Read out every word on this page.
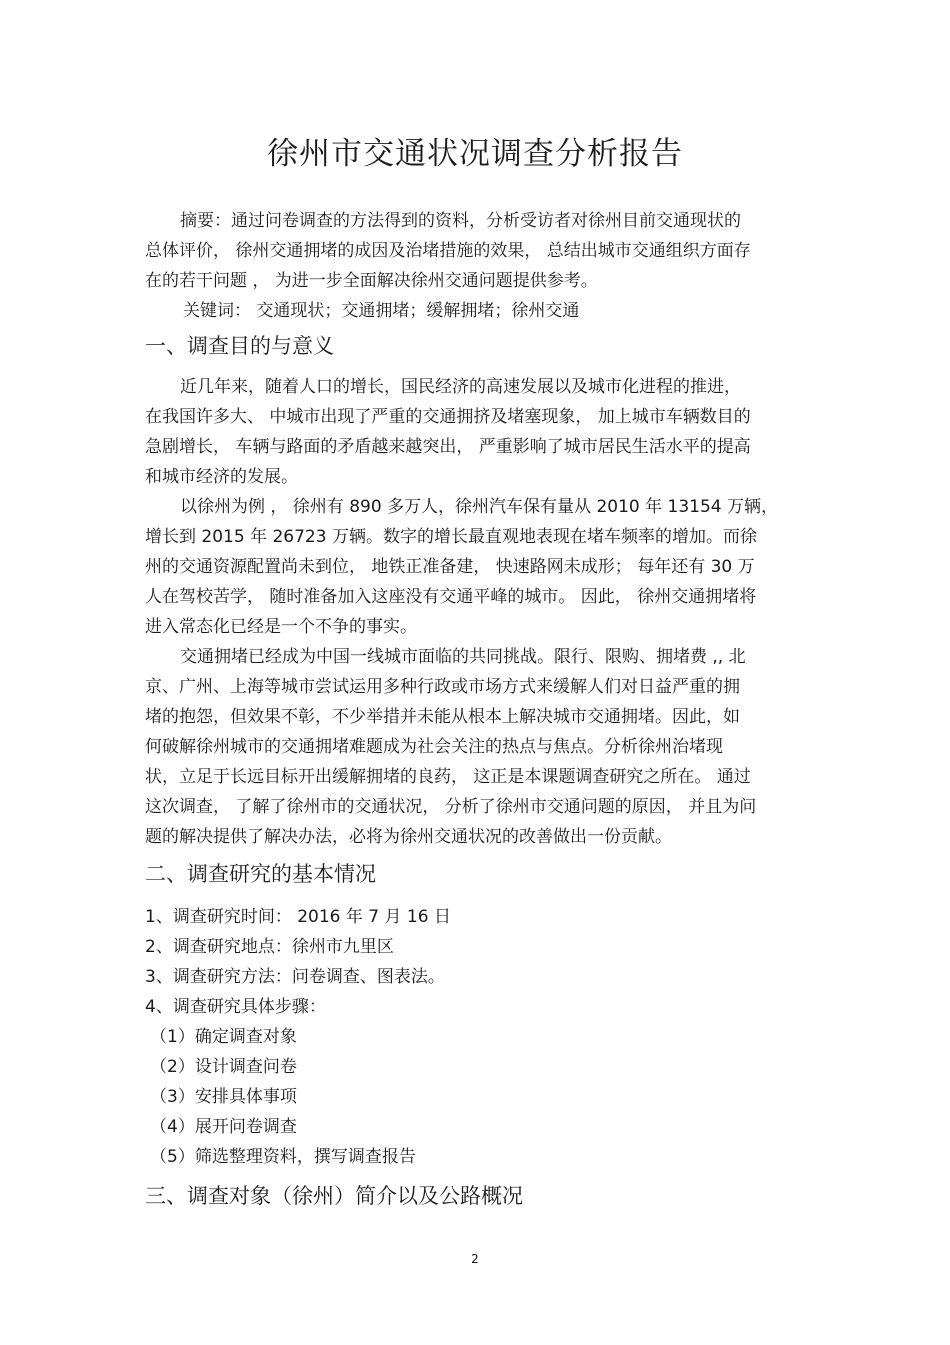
徐州市交通状况调查分析报告
摘要：通过问卷调查的方法得到的资料，分析受访者对徐州目前交通现状的
总体评价， 徐州交通拥堵的成因及治堵措施的效果， 总结出城市交通组织方面存
在的若干问题 ， 为进一步全面解决徐州交通问题提供参考。
关键词： 交通现状；交通拥堵；缓解拥堵；徐州交通
一、调查目的与意义
近几年来，随着人口的增长，国民经济的高速发展以及城市化进程的推进，
在我国许多大、 中城市出现了严重的交通拥挤及堵塞现象， 加上城市车辆数目的
急剧增长， 车辆与路面的矛盾越来越突出， 严重影响了城市居民生活水平的提高
和城市经济的发展。
以徐州为例 ， 徐州有 890 多万人，徐州汽车保有量从 2010 年 13154 万辆，
增长到 2015 年 26723 万辆。数字的增长最直观地表现在堵车频率的增加。而徐
州的交通资源配置尚未到位， 地铁正准备建， 快速路网未成形； 每年还有 30 万
人在驾校苦学， 随时准备加入这座没有交通平峰的城市。 因此， 徐州交通拥堵将
进入常态化已经是一个不争的事实。
交通拥堵已经成为中国一线城市面临的共同挑战。限行、限购、拥堵费 ,, 北
京、广州、上海等城市尝试运用多种行政或市场方式来缓解人们对日益严重的拥
堵的抱怨，但效果不彰，不少举措并未能从根本上解决城市交通拥堵。因此，如
何破解徐州城市的交通拥堵难题成为社会关注的热点与焦点。分析徐州治堵现
状，立足于长远目标开出缓解拥堵的良药， 这正是本课题调查研究之所在。 通过
这次调查， 了解了徐州市的交通状况， 分析了徐州市交通问题的原因， 并且为问
题的解决提供了解决办法，必将为徐州交通状况的改善做出一份贡献。
二、调查研究的基本情况
1、调查研究时间： 2016 年 7 月 16 日
2、调查研究地点：徐州市九里区
3、调查研究方法：问卷调查、图表法。
4、调查研究具体步骤：
（1）确定调查对象
（2）设计调查问卷
（3）安排具体事项
（4）展开问卷调查
（5）筛选整理资料，撰写调查报告
三、调查对象（徐州）简介以及公路概况
2
